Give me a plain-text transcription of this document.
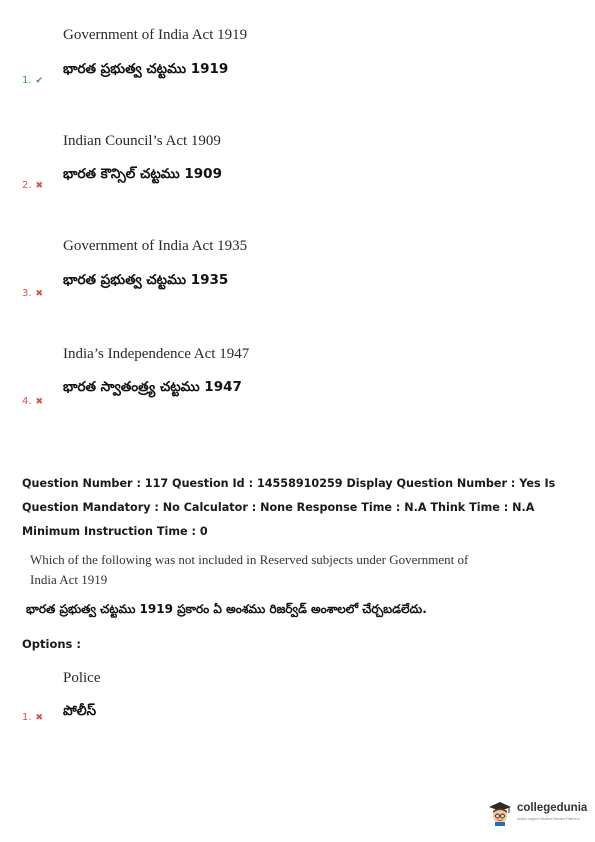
Government of India Act 1919
భారత ప్రభుత్వ చట్టము 1919
1. ✔
Indian Council’s Act 1909
భారత కౌన్సిల్ చట్టము 1909
2. ✖
Government of India Act 1935
భారత ప్రభుత్వ చట్టము 1935
3. ✖
India’s Independence Act 1947
భారత స్వాతంత్ర్య చట్టము 1947
4. ✖
Question Number : 117 Question Id : 14558910259 Display Question Number : Yes Is Question Mandatory : No Calculator : None Response Time : N.A Think Time : N.A Minimum Instruction Time : 0
Which of the following was not included in Reserved subjects under Government of India Act 1919
భారత ప్రభుత్వ చట్టము 1919 ప్రకారం ఏ అంశము రిజర్వ్‌డ్ అంశాలలో చేర్చబడలేదు.
Options :
Police
పోలీస్
1. ✖
collegedunia
India's largest Student Review Platform
